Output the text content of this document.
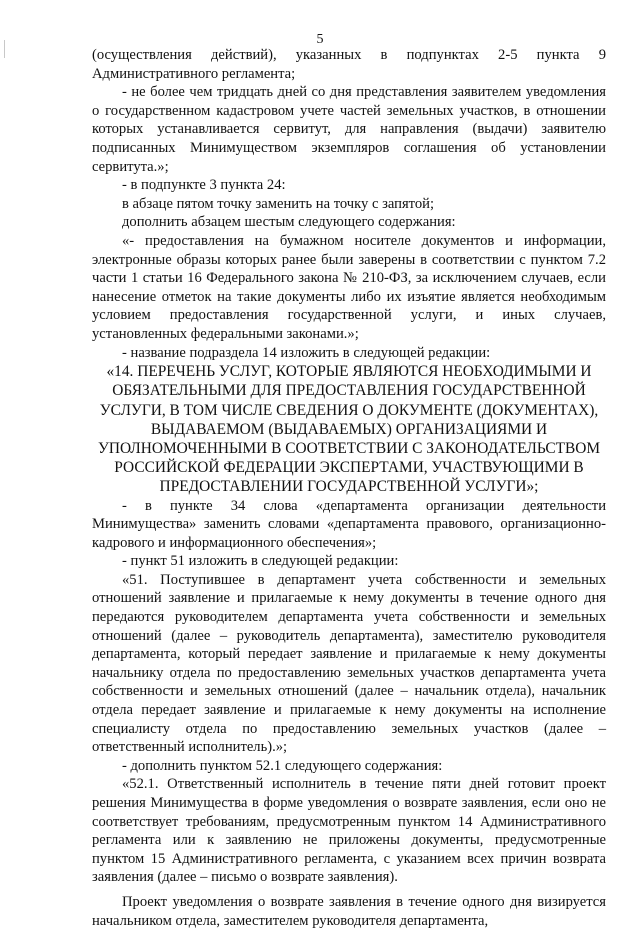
5

(осуществления действий), указанных в подпунктах 2-5 пункта 9 Административного регламента;

- не более чем тридцать дней со дня представления заявителем уведомления о государственном кадастровом учете частей земельных участков, в отношении которых устанавливается сервитут, для направления (выдачи) заявителю подписанных Минимуществом экземпляров соглашения об установлении сервитута.»;

- в подпункте 3 пункта 24:

в абзаце пятом точку заменить на точку с запятой;

дополнить абзацем шестым следующего содержания:

«- предоставления на бумажном носителе документов и информации, электронные образы которых ранее были заверены в соответствии с пунктом 7.2 части 1 статьи 16 Федерального закона № 210-ФЗ, за исключением случаев, если нанесение отметок на такие документы либо их изъятие является необходимым условием предоставления государственной услуги, и иных случаев, установленных федеральными законами.»;

- название подраздела 14 изложить в следующей редакции:

«14. ПЕРЕЧЕНЬ УСЛУГ, КОТОРЫЕ ЯВЛЯЮТСЯ НЕОБХОДИМЫМИ И ОБЯЗАТЕЛЬНЫМИ ДЛЯ ПРЕДОСТАВЛЕНИЯ ГОСУДАРСТВЕННОЙ УСЛУГИ, В ТОМ ЧИСЛЕ СВЕДЕНИЯ О ДОКУМЕНТЕ (ДОКУМЕНТАХ), ВЫДАВАЕМОМ (ВЫДАВАЕМЫХ) ОРГАНИЗАЦИЯМИ И УПОЛНОМОЧЕННЫМИ В СООТВЕТСТВИИ С ЗАКОНОДАТЕЛЬСТВОМ РОССИЙСКОЙ ФЕДЕРАЦИИ ЭКСПЕРТАМИ, УЧАСТВУЮЩИМИ В ПРЕДОСТАВЛЕНИИ ГОСУДАРСТВЕННОЙ УСЛУГИ»;

- в пункте 34 слова «департамента организации деятельности Минимущества» заменить словами «департамента правового, организационно-кадрового и информационного обеспечения»;

- пункт 51 изложить в следующей редакции:

«51. Поступившее в департамент учета собственности и земельных отношений заявление и прилагаемые к нему документы в течение одного дня передаются руководителем департамента учета собственности и земельных отношений (далее – руководитель департамента), заместителю руководителя департамента, который передает заявление и прилагаемые к нему документы начальнику отдела по предоставлению земельных участков департамента учета собственности и земельных отношений (далее – начальник отдела), начальник отдела передает заявление и прилагаемые к нему документы на исполнение специалисту отдела по предоставлению земельных участков (далее – ответственный исполнитель).»;

- дополнить пунктом 52.1 следующего содержания:

«52.1. Ответственный исполнитель в течение пяти дней готовит проект решения Минимущества в форме уведомления о возврате заявления, если оно не соответствует требованиям, предусмотренным пунктом 14 Административного регламента или к заявлению не приложены документы, предусмотренные пунктом 15 Административного регламента, с указанием всех причин возврата заявления (далее – письмо о возврате заявления).

Проект уведомления о возврате заявления в течение одного дня визируется начальником отдела, заместителем руководителя департамента,
